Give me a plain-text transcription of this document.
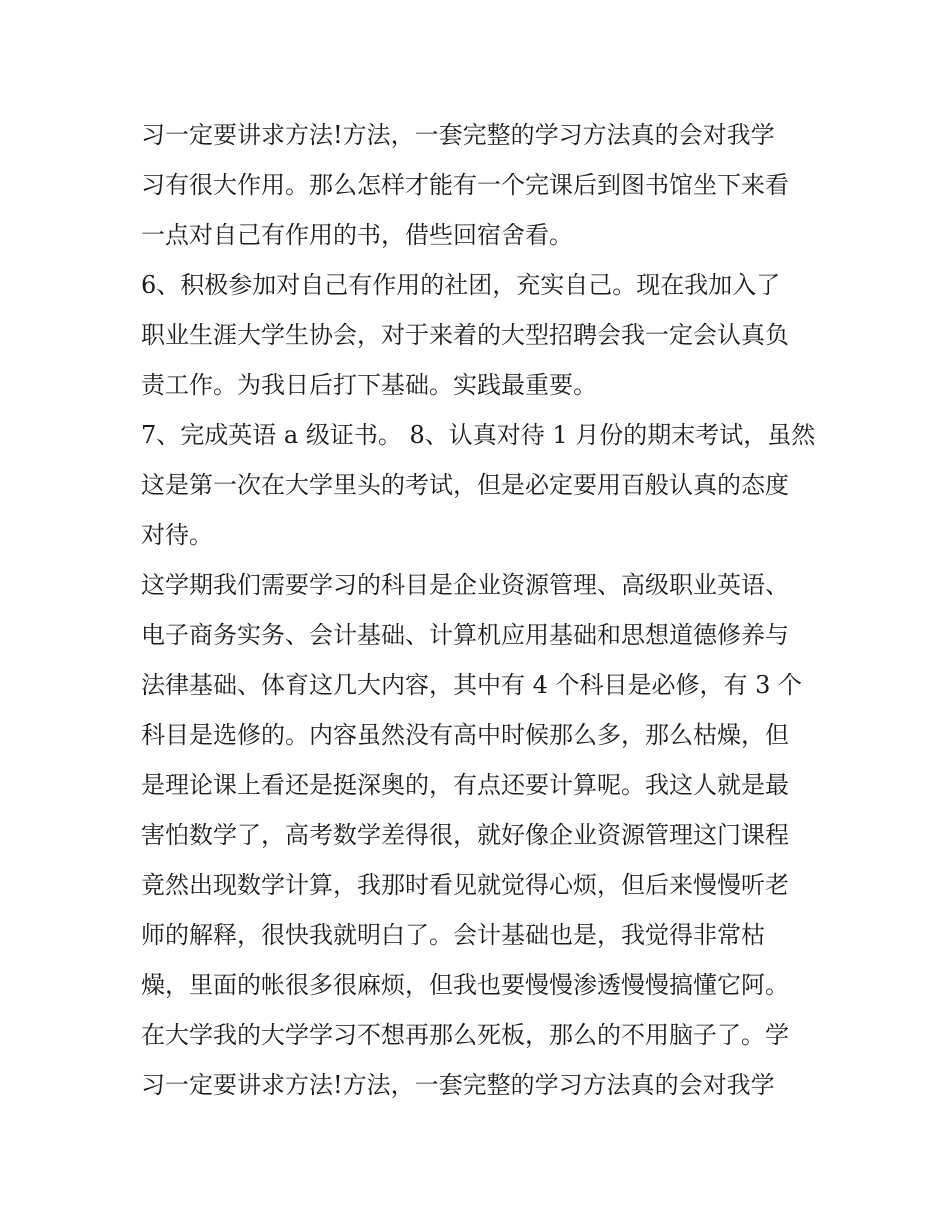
习一定要讲求方法!方法，一套完整的学习方法真的会对我学
习有很大作用。那么怎样才能有一个完课后到图书馆坐下来看
一点对自己有作用的书，借些回宿舍看。
6、积极参加对自己有作用的社团，充实自己。现在我加入了
职业生涯大学生协会，对于来着的大型招聘会我一定会认真负
责工作。为我日后打下基础。实践最重要。
7、完成英语 a 级证书。 8、认真对待 1 月份的期末考试，虽然
这是第一次在大学里头的考试，但是必定要用百般认真的态度
对待。
这学期我们需要学习的科目是企业资源管理、高级职业英语、
电子商务实务、会计基础、计算机应用基础和思想道德修养与
法律基础、体育这几大内容，其中有 4 个科目是必修，有 3 个
科目是选修的。内容虽然没有高中时候那么多，那么枯燥，但
是理论课上看还是挺深奥的，有点还要计算呢。我这人就是最
害怕数学了，高考数学差得很，就好像企业资源管理这门课程
竟然出现数学计算，我那时看见就觉得心烦，但后来慢慢听老
师的解释，很快我就明白了。会计基础也是，我觉得非常枯
燥，里面的帐很多很麻烦，但我也要慢慢渗透慢慢搞懂它阿。
在大学我的大学学习不想再那么死板，那么的不用脑子了。学
习一定要讲求方法!方法，一套完整的学习方法真的会对我学
